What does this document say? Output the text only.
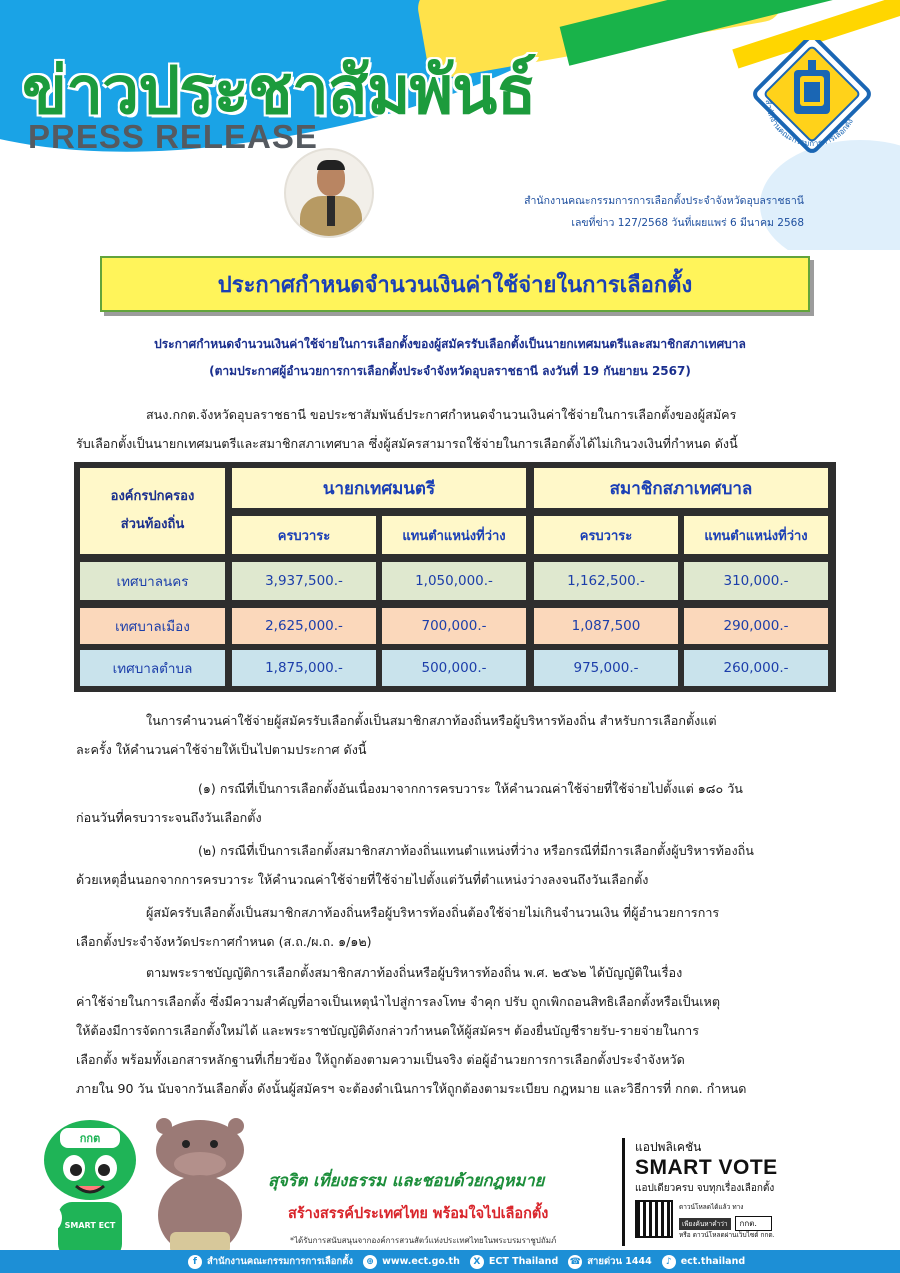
ข่าวประชาสัมพันธ์
PRESS RELEASE
สำนักงานคณะกรรมการการเลือกตั้ง
สำนักงานคณะกรรมการการเลือกตั้งประจำจังหวัดอุบลราชธานี
เลขที่ข่าว 127/2568 วันที่เผยแพร่ 6 มีนาคม 2568
ประกาศกำหนดจำนวนเงินค่าใช้จ่ายในการเลือกตั้ง
ประกาศกำหนดจำนวนเงินค่าใช้จ่ายในการเลือกตั้งของผู้สมัครรับเลือกตั้งเป็นนายกเทศมนตรีและสมาชิกสภาเทศบาล
(ตามประกาศผู้อำนวยการการเลือกตั้งประจำจังหวัดอุบลราชธานี ลงวันที่ 19 กันยายน 2567)
สนง.กกต.จังหวัดอุบลราชธานี ขอประชาสัมพันธ์ประกาศกำหนดจำนวนเงินค่าใช้จ่ายในการเลือกตั้งของผู้สมัคร
รับเลือกตั้งเป็นนายกเทศมนตรีและสมาชิกสภาเทศบาล ซึ่งผู้สมัครสามารถใช้จ่ายในการเลือกตั้งได้ไม่เกินวงเงินที่กำหนด ดังนี้
องค์กรปกครอง
ส่วนท้องถิ่น
นายกเทศมนตรี	สมาชิกสภาเทศบาล
ครบวาระ	แทนตำแหน่งที่ว่าง	ครบวาระ	แทนตำแหน่งที่ว่าง
เทศบาลนคร	3,937,500.-	1,050,000.-	1,162,500.-	310,000.-
เทศบาลเมือง	2,625,000.-	700,000.-	1,087,500	290,000.-
เทศบาลตำบล	1,875,000.-	500,000.-	975,000.-	260,000.-
ในการคำนวนค่าใช้จ่ายผู้สมัครรับเลือกตั้งเป็นสมาชิกสภาท้องถิ่นหรือผู้บริหารท้องถิ่น สำหรับการเลือกตั้งแต่
ละครั้ง ให้คำนวนค่าใช้จ่ายให้เป็นไปตามประกาศ ดังนี้
(๑) กรณีที่เป็นการเลือกตั้งอันเนื่องมาจากการครบวาระ ให้คำนวณค่าใช้จ่ายที่ใช้จ่ายไปตั้งแต่ ๑๘๐ วัน
ก่อนวันที่ครบวาระจนถึงวันเลือกตั้ง
(๒) กรณีที่เป็นการเลือกตั้งสมาชิกสภาท้องถิ่นแทนตำแหน่งที่ว่าง หรือกรณีที่มีการเลือกตั้งผู้บริหารท้องถิ่น
ด้วยเหตุอื่นนอกจากการครบวาระ ให้คำนวณค่าใช้จ่ายที่ใช้จ่ายไปตั้งแต่วันที่ตำแหน่งว่างลงจนถึงวันเลือกตั้ง
ผู้สมัครรับเลือกตั้งเป็นสมาชิกสภาท้องถิ่นหรือผู้บริหารท้องถิ่นต้องใช้จ่ายไม่เกินจำนวนเงิน ที่ผู้อำนวยการการ
เลือกตั้งประจำจังหวัดประกาศกำหนด (ส.ถ./ผ.ถ. ๑/๑๒)
ตามพระราชบัญญัติการเลือกตั้งสมาชิกสภาท้องถิ่นหรือผู้บริหารท้องถิ่น พ.ศ. ๒๕๖๒ ได้บัญญัติในเรื่อง
ค่าใช้จ่ายในการเลือกตั้ง ซึ่งมีความสำคัญที่อาจเป็นเหตุนำไปสู่การลงโทษ จำคุก ปรับ ถูกเพิกถอนสิทธิเลือกตั้งหรือเป็นเหตุ
ให้ต้องมีการจัดการเลือกตั้งใหม่ได้ และพระราชบัญญัติดังกล่าวกำหนดให้ผู้สมัครฯ ต้องยื่นบัญชีรายรับ-รายจ่ายในการ
เลือกตั้ง พร้อมทั้งเอกสารหลักฐานที่เกี่ยวข้อง ให้ถูกต้องตามความเป็นจริง ต่อผู้อำนวยการการเลือกตั้งประจำจังหวัด
ภายใน 90 วัน นับจากวันเลือกตั้ง ดังนั้นผู้สมัครฯ จะต้องดำเนินการให้ถูกต้องตามระเบียบ กฎหมาย และวิธีการที่ กกต. กำหนด
กกต
SMART ECT
สุจริต เที่ยงธรรม และชอบด้วยกฎหมาย
สร้างสรรค์ประเทศไทย พร้อมใจไปเลือกตั้ง
*ได้รับการสนับสนุนจากองค์การสวนสัตว์แห่งประเทศไทยในพระบรมราชูปถัมภ์
แอปพลิเคชัน
SMART VOTE
แอปเดียวครบ จบทุกเรื่องเลือกตั้ง
ดาวน์โหลดได้แล้ว ทาง
เพียงค้นหาคำว่า	กกต.
หรือ ดาวน์โหลดผ่านเว็บไซต์ กกต.
f	สำนักงานคณะกรรมการการเลือกตั้ง	⊕ www.ect.go.th	X ECT Thailand ☎ สายด่วน 1444	♪ ect.thailand
